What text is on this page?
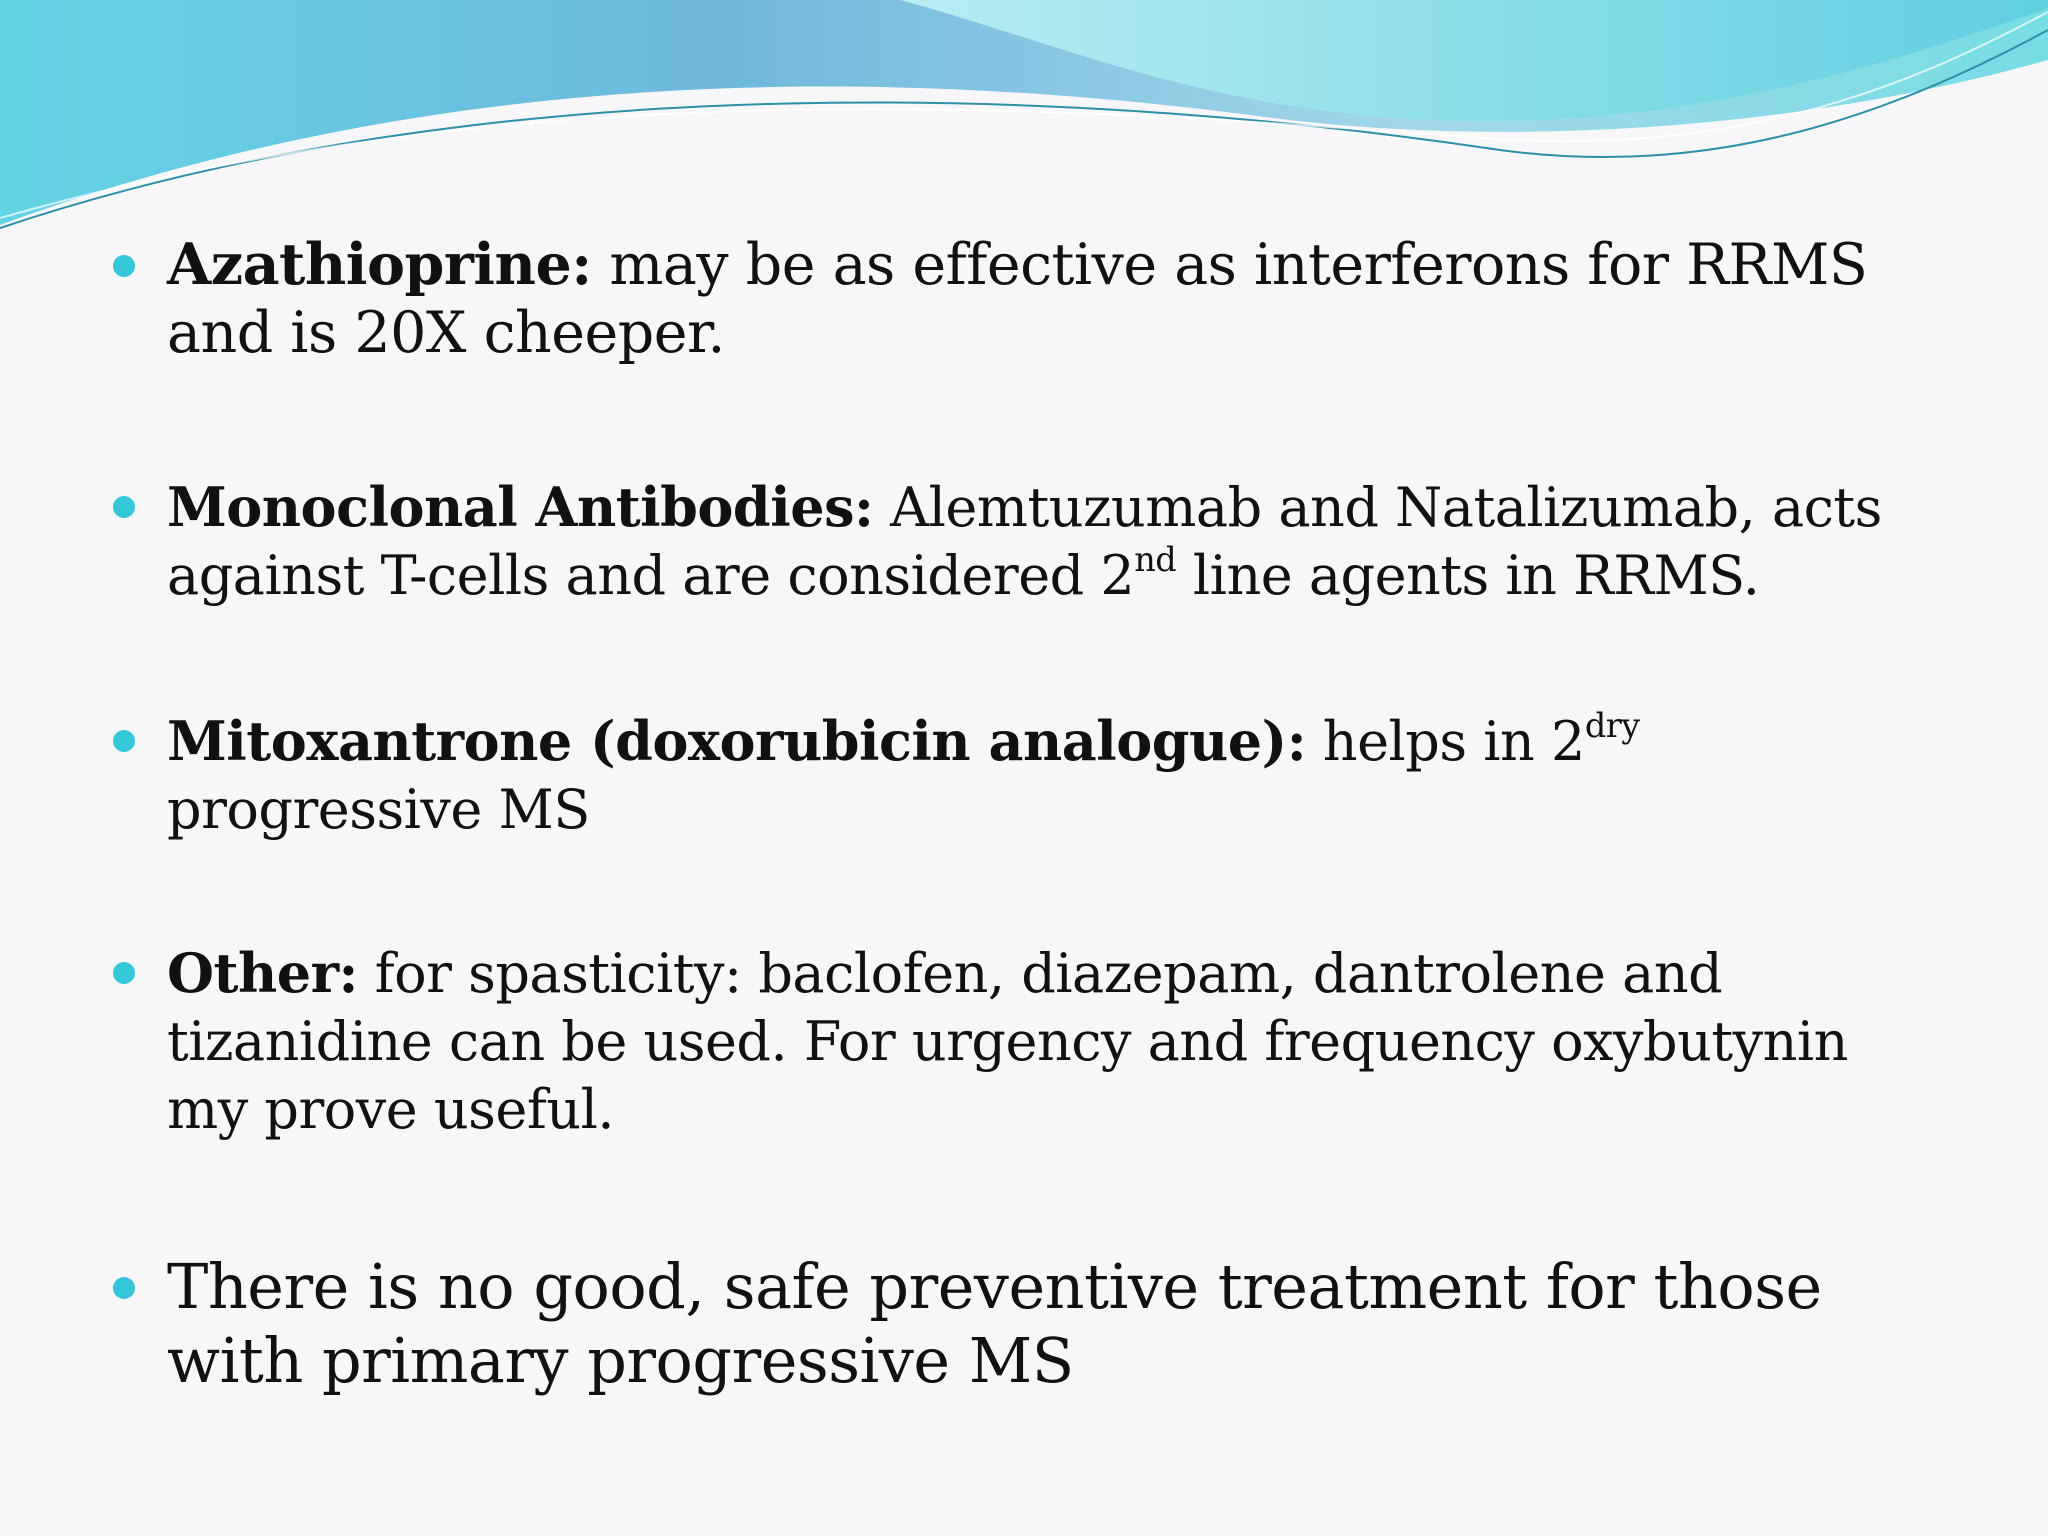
Azathioprine: may be as effective as interferons for RRMS and is 20X cheeper.
Monoclonal Antibodies: Alemtuzumab and Natalizumab, acts against T-cells and are considered 2nd line agents in RRMS.
Mitoxantrone (doxorubicin analogue): helps in $2^{dry}$ progressive MS
Other: for spasticity: baclofen, diazepam, dantrolene and tizanidine can be used. For urgency and frequency oxybutynin my prove useful.
There is no good, safe preventive treatment for those with primary progressive MS
